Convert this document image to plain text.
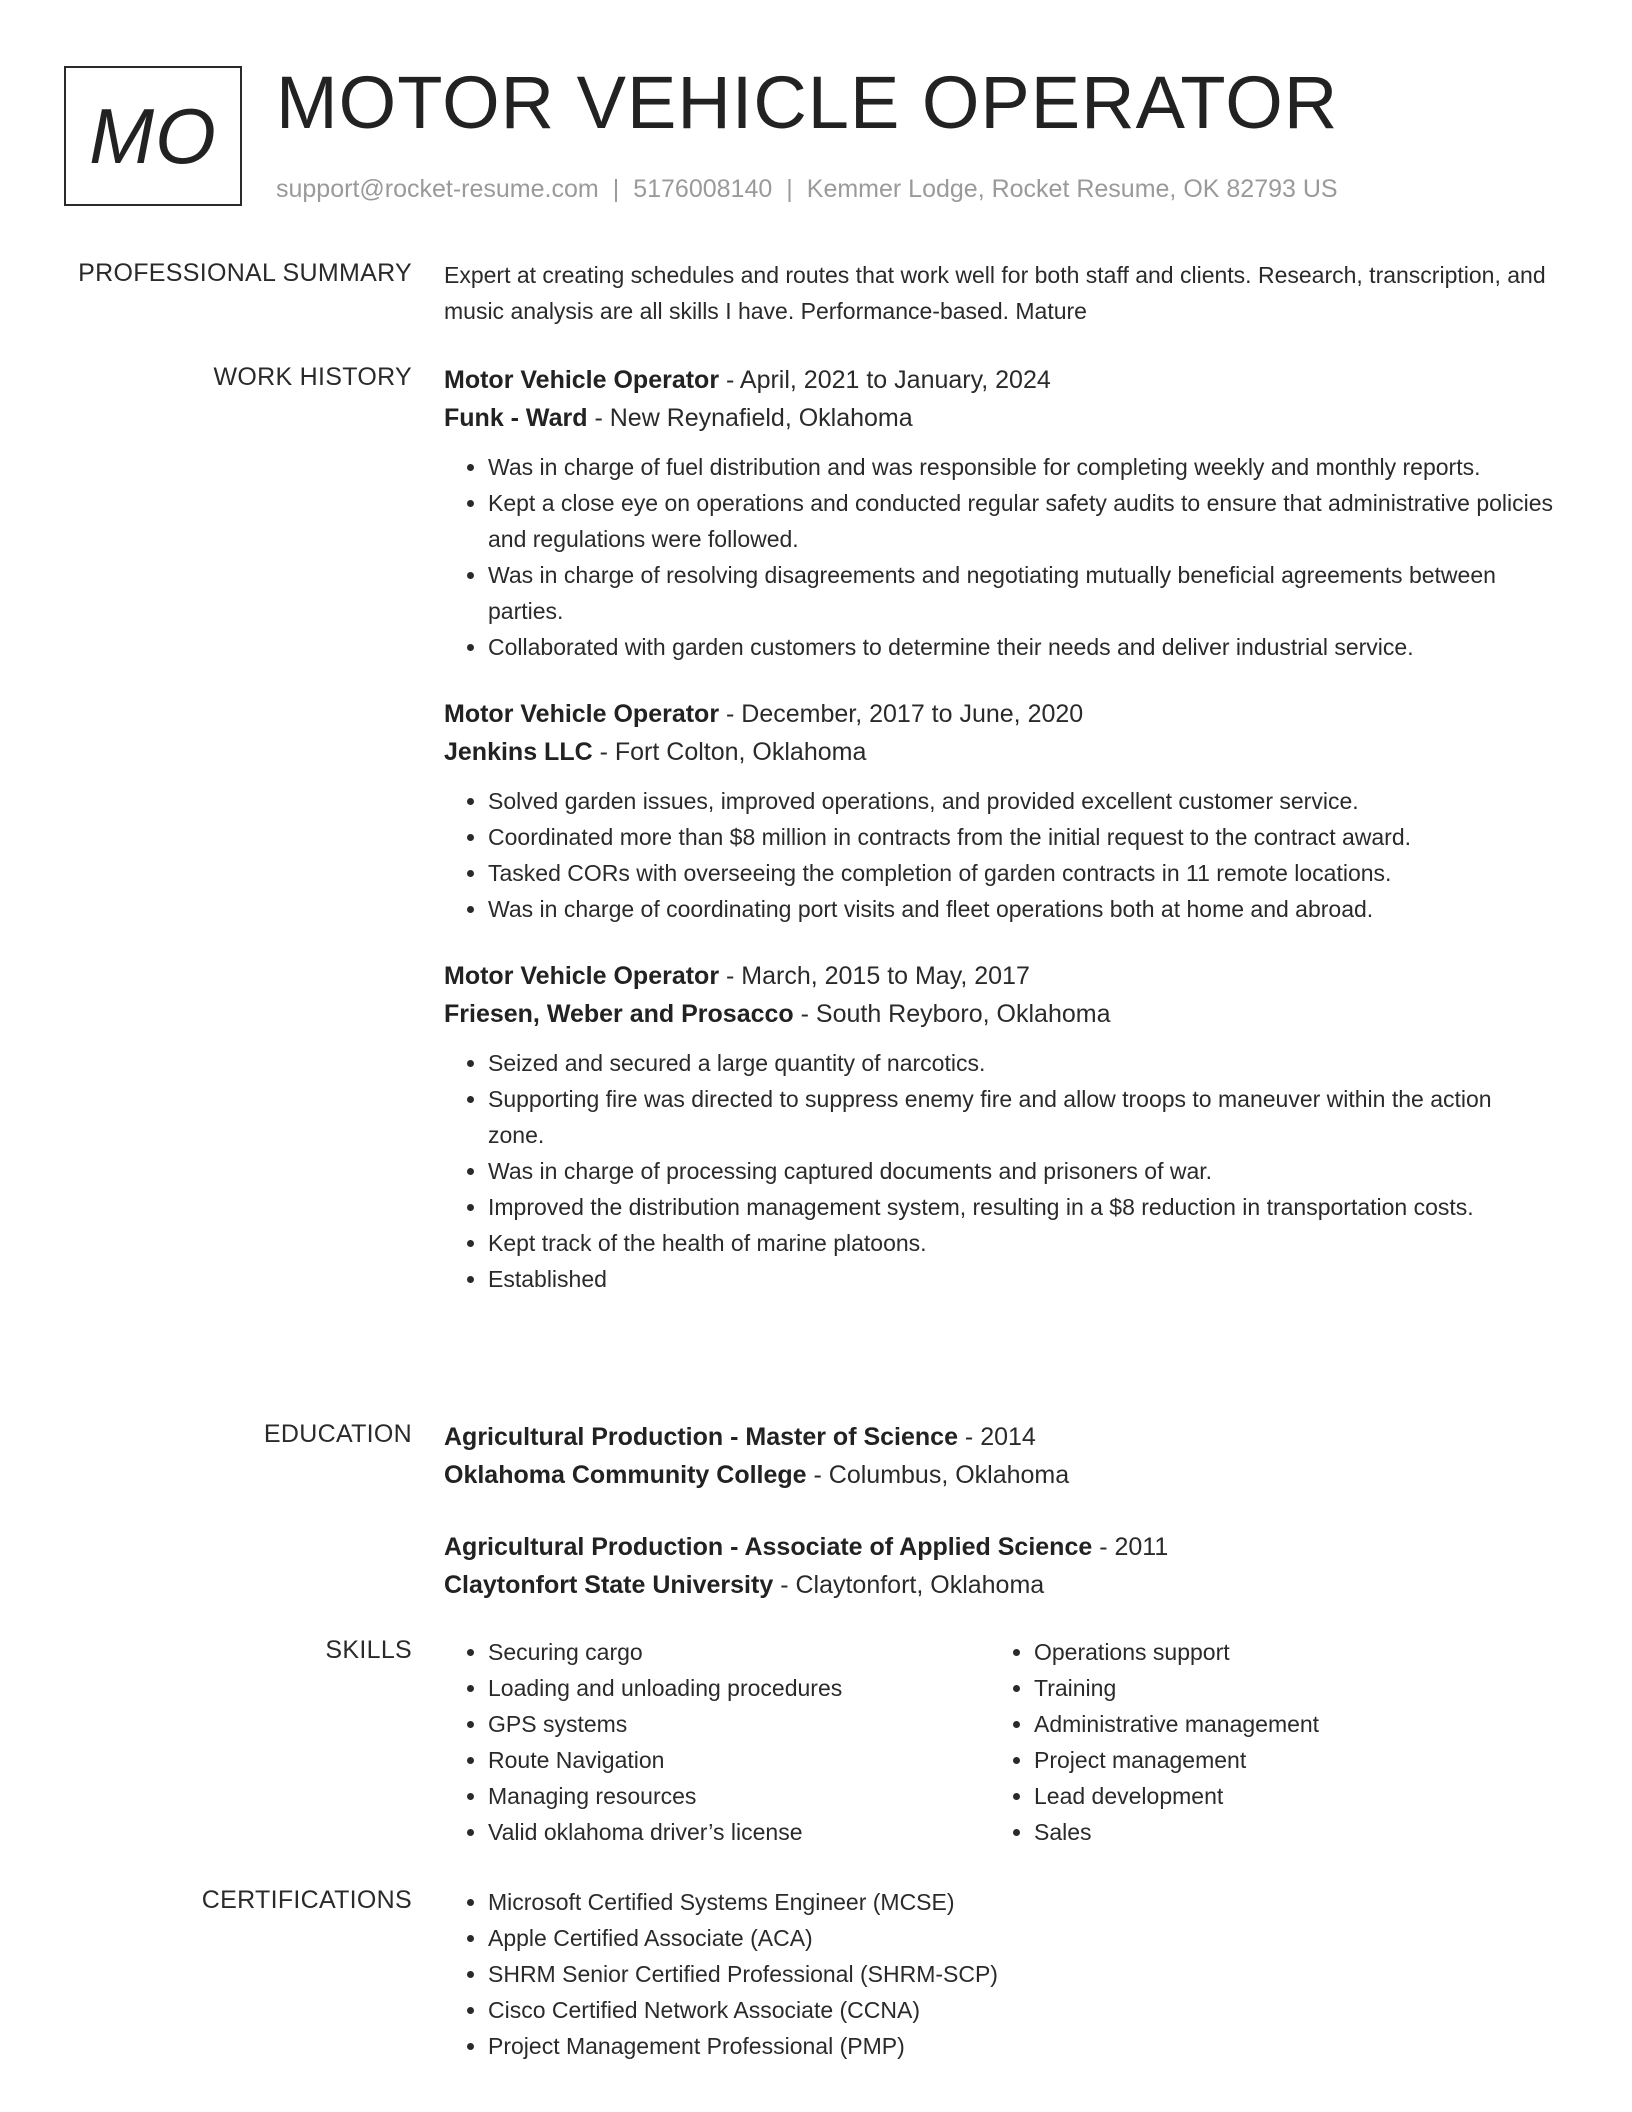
MO MOTOR VEHICLE OPERATOR
support@rocket-resume.com | 5176008140 | Kemmer Lodge, Rocket Resume, OK 82793 US
PROFESSIONAL SUMMARY Expert at creating schedules and routes that work well for both staff and clients. Research, transcription, and music analysis are all skills I have. Performance-based. Mature

WORK HISTORY Motor Vehicle Operator - April, 2021 to January, 2024
Funk - Ward - New Reynafield, Oklahoma
• Was in charge of fuel distribution and was responsible for completing weekly and monthly reports.
• Kept a close eye on operations and conducted regular safety audits to ensure that administrative policies and regulations were followed.
• Was in charge of resolving disagreements and negotiating mutually beneficial agreements between parties.
• Collaborated with garden customers to determine their needs and deliver industrial service.
Motor Vehicle Operator - December, 2017 to June, 2020
Jenkins LLC - Fort Colton, Oklahoma
• Solved garden issues, improved operations, and provided excellent customer service.
• Coordinated more than $8 million in contracts from the initial request to the contract award.
• Tasked CORs with overseeing the completion of garden contracts in 11 remote locations.
• Was in charge of coordinating port visits and fleet operations both at home and abroad.
Motor Vehicle Operator - March, 2015 to May, 2017
Friesen, Weber and Prosacco - South Reyboro, Oklahoma
• Seized and secured a large quantity of narcotics.
• Supporting fire was directed to suppress enemy fire and allow troops to maneuver within the action zone.
• Was in charge of processing captured documents and prisoners of war.
• Improved the distribution management system, resulting in a $8 reduction in transportation costs.
• Kept track of the health of marine platoons.
• Established
EDUCATION Agricultural Production - Master of Science - 2014
Oklahoma Community College - Columbus, Oklahoma
Agricultural Production - Associate of Applied Science - 2011
Claytonfort State University - Claytonfort, Oklahoma
SKILLS	• Securing cargo
• Loading and unloading procedures
• GPS systems
• Route Navigation
• Managing resources
• Valid oklahoma driver’s license
• Operations support
• Training
• Administrative management
• Project management
• Lead development
• Sales
CERTIFICATIONS	• Microsoft Certified Systems Engineer (MCSE)
• Apple Certified Associate (ACA)
• SHRM Senior Certified Professional (SHRM-SCP)
• Cisco Certified Network Associate (CCNA)
• Project Management Professional (PMP)
